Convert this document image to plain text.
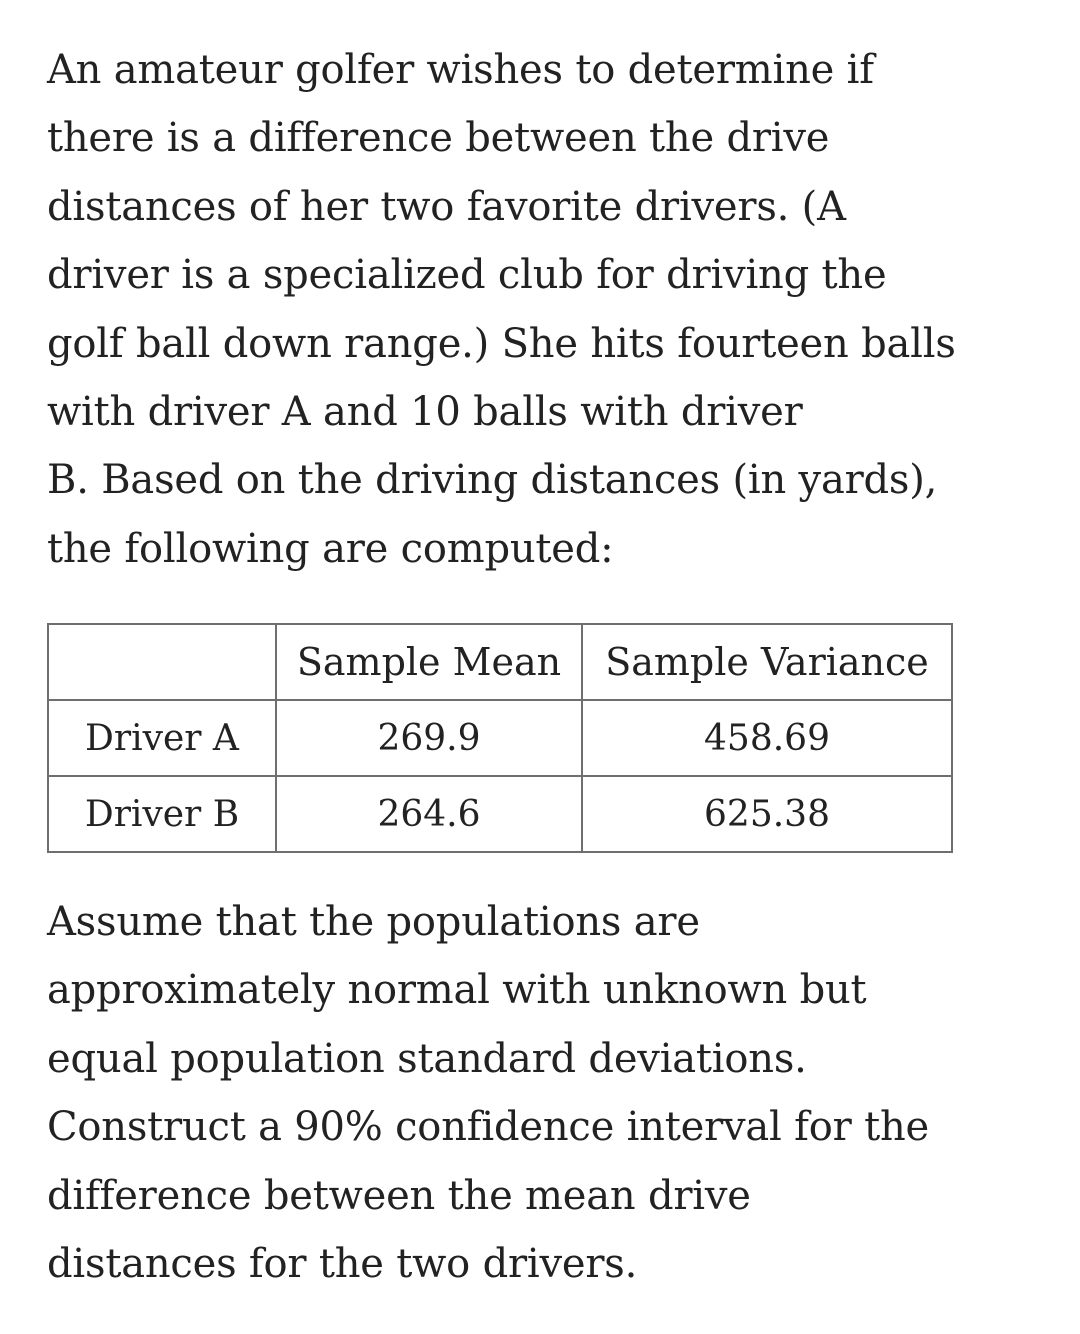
An amateur golfer wishes to determine if
there is a difference between the drive
distances of her two favorite drivers. (A
driver is a specialized club for driving the
golf ball down range.) She hits fourteen balls
with driver A and 10 balls with driver
B. Based on the driving distances (in yards),
the following are computed:

	Sample Mean	Sample Variance
Driver A	269.9	458.69
Driver B	264.6	625.38

Assume that the populations are
approximately normal with unknown but
equal population standard deviations.
Construct a 90% confidence interval for the
difference between the mean drive
distances for the two drivers.
